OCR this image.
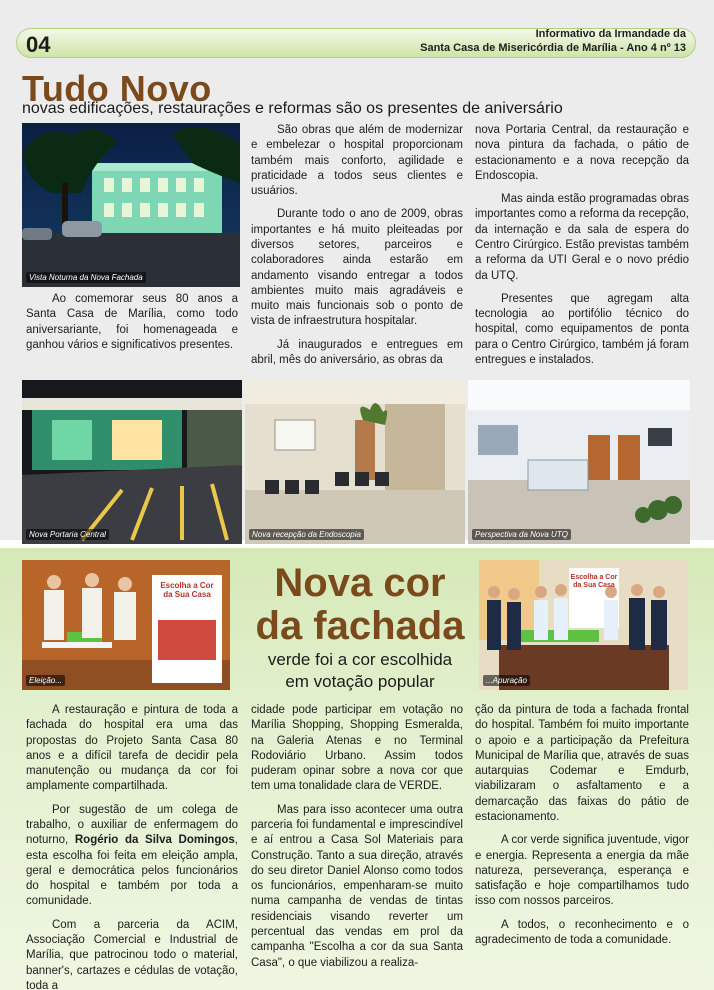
04	Informativo da Irmandade da
Santa Casa de Misericórdia de Marília - Ano 4 nº 13
Tudo Novo
novas edificações, restaurações e reformas são os presentes de aniversário
Vista Noturna da Nova Fachada

Ao comemorar seus 80 anos a Santa Casa de Marília, como todo aniversariante, foi homenageada e ganhou vários e significativos presentes.

São obras que além de modernizar e embelezar o hospital proporcionam também mais conforto, agilidade e praticidade a todos seus clientes e usuários.

Durante todo o ano de 2009, obras importantes e há muito pleiteadas por diversos setores, parceiros e colaboradores ainda estarão em andamento visando entregar a todos ambientes muito mais agradáveis e muito mais funcionais sob o ponto de vista de infraestrutura hospitalar.

Já inaugurados e entregues em abril, mês do aniversário, as obras da

nova Portaria Central, da restauração e nova pintura da fachada, o pátio de estacionamento e a nova recepção da Endoscopia.

Mas ainda estão programadas obras importantes como a reforma da recepção, da internação e da sala de espera do Centro Cirúrgico. Estão previstas também a reforma da UTI Geral e o novo prédio da UTQ.

Presentes que agregam alta tecnologia ao portifólio técnico do hospital, como equipamentos de ponta para o Centro Cirúrgico, também já foram entregues e instalados.

Nova Portaria Central	Nova recepção da Endoscopia	Perspectiva da Nova UTQ
Escolha a Cor da Sua Casa
Eleição...
Nova cor
da fachada
verde foi a cor escolhida
em votação popular
Escolha a Cor da Sua Casa
...Apuração

A restauração e pintura de toda a fachada do hospital era uma das propostas do Projeto Santa Casa 80 anos e a difícil tarefa de decidir pela manutenção ou mudança da cor foi amplamente compartilhada.

Por sugestão de um colega de trabalho, o auxiliar de enfermagem do noturno, Rogério da Silva Domingos, esta escolha foi feita em eleição ampla, geral e democrática pelos funcionários do hospital e também por toda a comunidade.

Com a parceria da ACIM, Associação Comercial e Industrial de Marília, que patrocinou todo o material, banner's, cartazes e cédulas de votação, toda a

cidade pode participar em votação no Marília Shopping, Shopping Esmeralda, na Galeria Atenas e no Terminal Rodoviário Urbano. Assim todos puderam opinar sobre a nova cor que tem uma tonalidade clara de VERDE.

Mas para isso acontecer uma outra parceria foi fundamental e imprescindível e aí entrou a Casa Sol Materiais para Construção. Tanto a sua direção, através do seu diretor Daniel Alonso como todos os funcionários, empenharam-se muito numa campanha de vendas de tintas residenciais visando reverter um percentual das vendas em prol da campanha "Escolha a cor da sua Santa Casa", o que viabilizou a realiza-

ção da pintura de toda a fachada frontal do hospital. Também foi muito importante o apoio e a participação da Prefeitura Municipal de Marília que, através de suas autarquias Codemar e Emdurb, viabilizaram o asfaltamento e a demarcação das faixas do pátio de estacionamento.

A cor verde significa juventude, vigor e energia. Representa a energia da mãe natureza, perseverança, esperança e satisfação e hoje compartilhamos tudo isso com nossos parceiros.

A todos, o reconhecimento e o agradecimento de toda a comunidade.
